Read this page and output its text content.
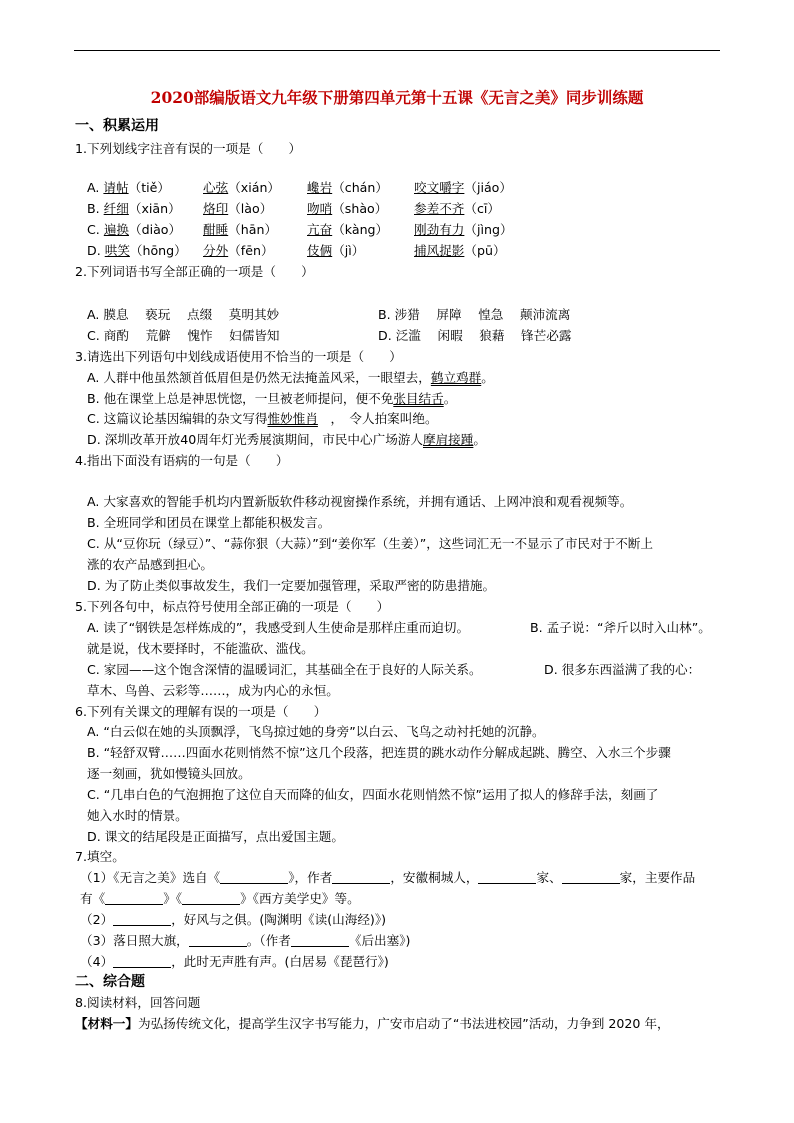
2020部编版语文九年级下册第四单元第十五课《无言之美》同步训练题
一、积累运用
1.下列划线字注音有误的一项是（　　）
A. 请帖（tiě）	心弦（xián） 巉岩（chán） 咬文嚼字（jiáo）
B. 纤细（xiān） 烙印（lào）	吻哨（shào） 参差不齐（cī）
C. 遍换（diào） 酣睡（hān） 亢奋（kàng） 刚劲有力（jìng）
D. 哄笑（hōng） 分外（fēn）	伎俩（jì）	捕风捉影（pū）
2.下列词语书写全部正确的一项是（　　）
A. 膜息　 亵玩　 点缀　 莫明其妙	B. 涉猎　 屏障　 惶急　 颠沛流离
C. 商酌　 荒僻　 愧怍　 妇儒皆知	D. 泛滥　 闲暇　 狼藉　 锋芒必露
3.请选出下列语句中划线成语使用不恰当的一项是（　　）
A. 人群中他虽然颔首低眉但是仍然无法掩盖风采，一眼望去，鹤立鸡群。
B. 他在课堂上总是神思恍惚，一旦被老师提问，便不免张目结舌。
C. 这篇议论基因编辑的杂文写得惟妙惟肖　，　令人拍案叫绝。
D. 深圳改革开放40周年灯光秀展演期间，市民中心广场游人摩肩接踵。
4.指出下面没有语病的一句是（　　）
A. 大家喜欢的智能手机均内置新版软件移动视窗操作系统，并拥有通话、上网冲浪和观看视频等。
B. 全班同学和团员在课堂上都能积极发言。
C. 从“豆你玩（绿豆）”、“蒜你狠（大蒜）”到“姜你军（生姜）”，这些词汇无一不显示了市民对于不断上
涨的农产品感到担心。
D. 为了防止类似事故发生，我们一定要加强管理，采取严密的防患措施。
5.下列各句中，标点符号使用全部正确的一项是（　　）
A. 读了“钢铁是怎样炼成的”，我感受到人生使命是那样庄重而迫切。	B. 孟子说：“斧斤以时入山林”。
就是说，伐木要择时，不能滥砍、滥伐。
C. 家园——这个饱含深情的温暖词汇，其基础全在于良好的人际关系。	D. 很多东西溢满了我的心：
草木、鸟兽、云彩等……，成为内心的永恒。
6.下列有关课文的理解有误的一项是（　　）
A. “白云似在她的头顶飘浮，飞鸟掠过她的身旁”以白云、飞鸟之动衬托她的沉静。
B. “轻舒双臂……四面水花则悄然不惊”这几个段落，把连贯的跳水动作分解成起跳、腾空、入水三个步骤
逐一刻画，犹如慢镜头回放。
C. “几串白色的气泡拥抱了这位自天而降的仙女，四面水花则悄然不惊”运用了拟人的修辞手法，刻画了
她入水时的情景。
D. 课文的结尾段是正面描写，点出爱国主题。
7.填空。
（1）《无言之美》选自《	》，作者	，安徽桐城人，	家、	家，主要作品
有《	》《	》《西方美学史》等。
（2）	，好风与之俱。(陶渊明《读(山海经)》)
（3）落日照大旗，	。（作者	《后出塞》)
（4）	，此时无声胜有声。(白居易《琵琶行》)
二、综合题
8.阅读材料，回答问题
【材料一】为弘扬传统文化，提高学生汉字书写能力，广安市启动了“书法进校园”活动，力争到 2020 年，
